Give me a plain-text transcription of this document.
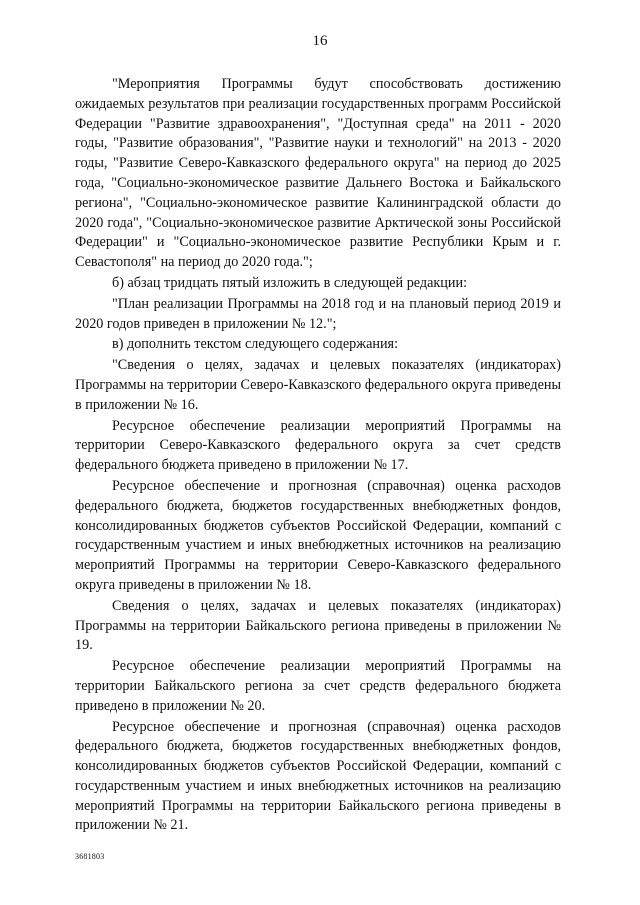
16

"Мероприятия Программы будут способствовать достижению ожидаемых результатов при реализации государственных программ Российской Федерации "Развитие здравоохранения", "Доступная среда" на 2011 - 2020 годы, "Развитие образования", "Развитие науки и технологий" на 2013 - 2020 годы, "Развитие Северо-Кавказского федерального округа" на период до 2025 года, "Социально-экономическое развитие Дальнего Востока и Байкальского региона", "Социально-экономическое развитие Калининградской области до 2020 года", "Социально-экономическое развитие Арктической зоны Российской Федерации" и "Социально-экономическое развитие Республики Крым и г. Севастополя" на период до 2020 года.";

б) абзац тридцать пятый изложить в следующей редакции:

"План реализации Программы на 2018 год и на плановый период 2019 и 2020 годов приведен в приложении № 12.";

в) дополнить текстом следующего содержания:

"Сведения о целях, задачах и целевых показателях (индикаторах) Программы на территории Северо-Кавказского федерального округа приведены в приложении № 16.

Ресурсное обеспечение реализации мероприятий Программы на территории Северо-Кавказского федерального округа за счет средств федерального бюджета приведено в приложении № 17.

Ресурсное обеспечение и прогнозная (справочная) оценка расходов федерального бюджета, бюджетов государственных внебюджетных фондов, консолидированных бюджетов субъектов Российской Федерации, компаний с государственным участием и иных внебюджетных источников на реализацию мероприятий Программы на территории Северо-Кавказского федерального округа приведены в приложении № 18.

Сведения о целях, задачах и целевых показателях (индикаторах) Программы на территории Байкальского региона приведены в приложении № 19.

Ресурсное обеспечение реализации мероприятий Программы на территории Байкальского региона за счет средств федерального бюджета приведено в приложении № 20.

Ресурсное обеспечение и прогнозная (справочная) оценка расходов федерального бюджета, бюджетов государственных внебюджетных фондов, консолидированных бюджетов субъектов Российской Федерации, компаний с государственным участием и иных внебюджетных источников на реализацию мероприятий Программы на территории Байкальского региона приведены в приложении № 21.

3681803
